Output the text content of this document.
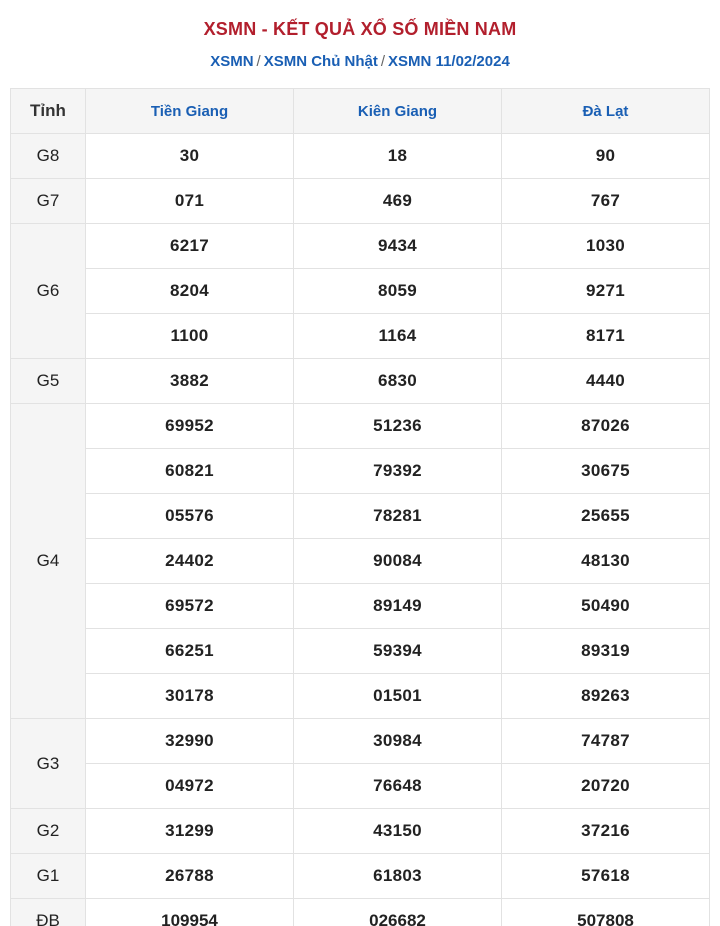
XSMN - KẾT QUẢ XỔ SỐ MIỀN NAM
XSMN / XSMN Chủ Nhật / XSMN 11/02/2024
Tỉnh	Tiền Giang	Kiên Giang	Đà Lạt
G8	30	18	90
G7	071	469	767
G6	6217	9434	1030
	8204	8059	9271
	1100	1164	8171
G5	3882	6830	4440
G4	69952	51236	87026
	60821	79392	30675
	05576	78281	25655
	24402	90084	48130
	69572	89149	50490
	66251	59394	89319
	30178	01501	89263
G3	32990	30984	74787
	04972	76648	20720
G2	31299	43150	37216
G1	26788	61803	57618
ĐB	109954	026682	507808
